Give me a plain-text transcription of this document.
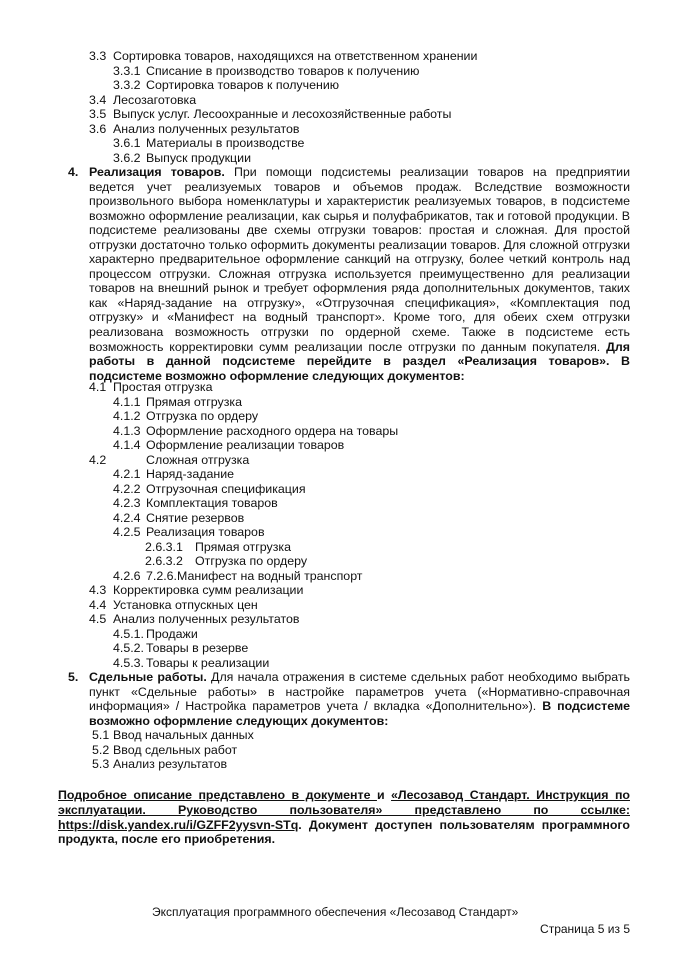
3.3 Сортировка товаров, находящихся на ответственном хранении
3.3.1 Списание в производство товаров к получению
3.3.2 Сортировка товаров к получению
3.4 Лесозаготовка
3.5 Выпуск услуг. Лесоохранные и лесохозяйственные работы
3.6 Анализ полученных результатов
3.6.1 Материалы в производстве
3.6.2 Выпуск продукции
4. Реализация товаров. При помощи подсистемы реализации товаров на предприятии ведется учет реализуемых товаров и объемов продаж. Вследствие возможности произвольного выбора номенклатуры и характеристик реализуемых товаров, в подсистеме возможно оформление реализации, как сырья и полуфабрикатов, так и готовой продукции. В подсистеме реализованы две схемы отгрузки товаров: простая и сложная. Для простой отгрузки достаточно только оформить документы реализации товаров. Для сложной отгрузки характерно предварительное оформление санкций на отгрузку, более четкий контроль над процессом отгрузки. Сложная отгрузка используется преимущественно для реализации товаров на внешний рынок и требует оформления ряда дополнительных документов, таких как «Наряд-задание на отгрузку», «Отгрузочная спецификация», «Комплектация под отгрузку» и «Манифест на водный транспорт». Кроме того, для обеих схем отгрузки реализована возможность отгрузки по ордерной схеме. Также в подсистеме есть возможность корректировки сумм реализации после отгрузки по данным покупателя. Для работы в данной подсистеме перейдите в раздел «Реализация товаров». В подсистеме возможно оформление следующих документов:
4.1 Простая отгрузка
4.1.1 Прямая отгрузка
4.1.2 Отгрузка по ордеру
4.1.3 Оформление расходного ордера на товары
4.1.4 Оформление реализации товаров
4.2	Сложная отгрузка
4.2.1 Наряд-задание
4.2.2 Отгрузочная спецификация
4.2.3 Комплектация товаров
4.2.4 Снятие резервов
4.2.5 Реализация товаров
2.6.3.1 Прямая отгрузка
2.6.3.2 Отгрузка по ордеру
4.2.6 7.2.6.Манифест на водный транспорт
4.3 Корректировка сумм реализации
4.4 Установка отпускных цен
4.5 Анализ полученных результатов
4.5.1. Продажи
4.5.2. Товары в резерве
4.5.3. Товары к реализации
5. Сдельные работы. Для начала отражения в системе сдельных работ необходимо выбрать пункт «Сдельные работы» в настройке параметров учета («Нормативно-справочная информация» / Настройка параметров учета / вкладка «Дополнительно»). В подсистеме возможно оформление следующих документов:
5.1 Ввод начальных данных
5.2 Ввод сдельных работ
5.3 Анализ результатов
Подробное описание представлено в документе и «Лесозавод Стандарт. Инструкция по эксплуатации. Руководство пользователя» представлено по ссылке: https://disk.yandex.ru/i/GZFF2yysvn-STq. Документ доступен пользователям программного продукта, после его приобретения.
Эксплуатация программного обеспечения «Лесозавод Стандарт»
Страница 5 из 5
